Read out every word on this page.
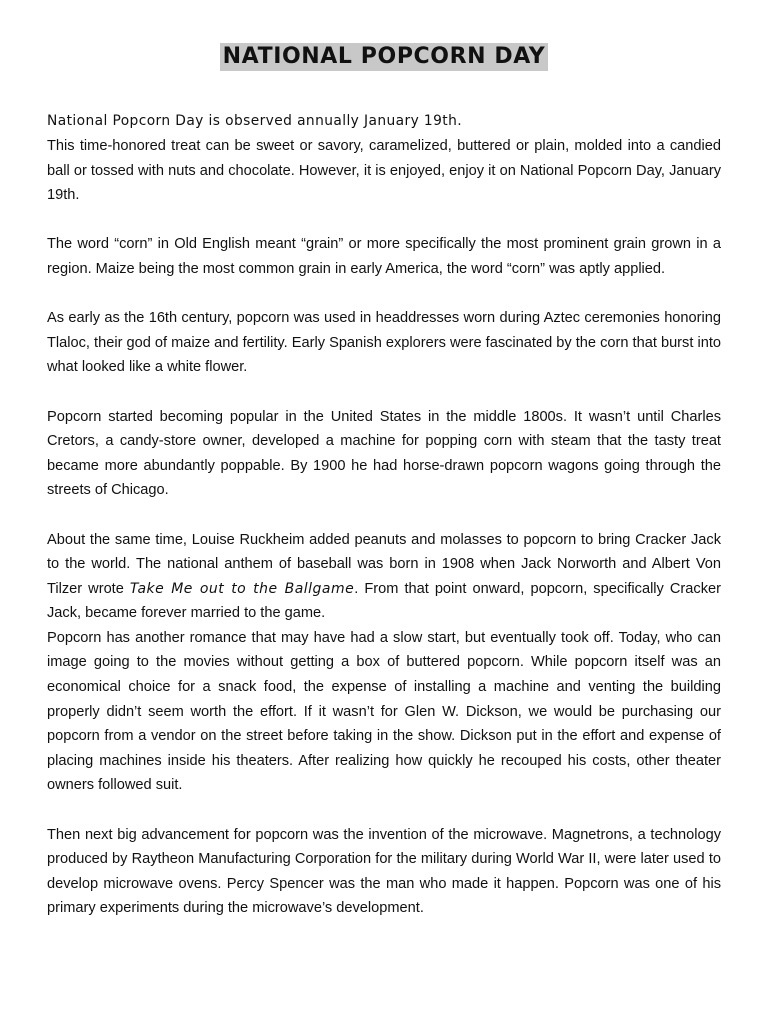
NATIONAL POPCORN DAY

National Popcorn Day is observed annually January 19th.

This time-honored treat can be sweet or savory, caramelized, buttered or plain, molded into a candied ball or tossed with nuts and chocolate. However, it is enjoyed, enjoy it on National Popcorn Day, January 19th.

The word “corn” in Old English meant “grain” or more specifically the most prominent grain grown in a region. Maize being the most common grain in early America, the word “corn” was aptly applied.

As early as the 16th century, popcorn was used in headdresses worn during Aztec ceremonies honoring Tlaloc, their god of maize and fertility. Early Spanish explorers were fascinated by the corn that burst into what looked like a white flower.

Popcorn started becoming popular in the United States in the middle 1800s. It wasn’t until Charles Cretors, a candy-store owner, developed a machine for popping corn with steam that the tasty treat became more abundantly poppable. By 1900 he had horse-drawn popcorn wagons going through the streets of Chicago.

About the same time, Louise Ruckheim added peanuts and molasses to popcorn to bring Cracker Jack to the world. The national anthem of baseball was born in 1908 when Jack Norworth and Albert Von Tilzer wrote Take Me out to the Ballgame. From that point onward, popcorn, specifically Cracker Jack, became forever married to the game.

Popcorn has another romance that may have had a slow start, but eventually took off. Today, who can image going to the movies without getting a box of buttered popcorn. While popcorn itself was an economical choice for a snack food, the expense of installing a machine and venting the building properly didn’t seem worth the effort. If it wasn’t for Glen W. Dickson, we would be purchasing our popcorn from a vendor on the street before taking in the show. Dickson put in the effort and expense of placing machines inside his theaters. After realizing how quickly he recouped his costs, other theater owners followed suit.

Then next big advancement for popcorn was the invention of the microwave. Magnetrons, a technology produced by Raytheon Manufacturing Corporation for the military during World War II, were later used to develop microwave ovens. Percy Spencer was the man who made it happen. Popcorn was one of his primary experiments during the microwave’s development.
